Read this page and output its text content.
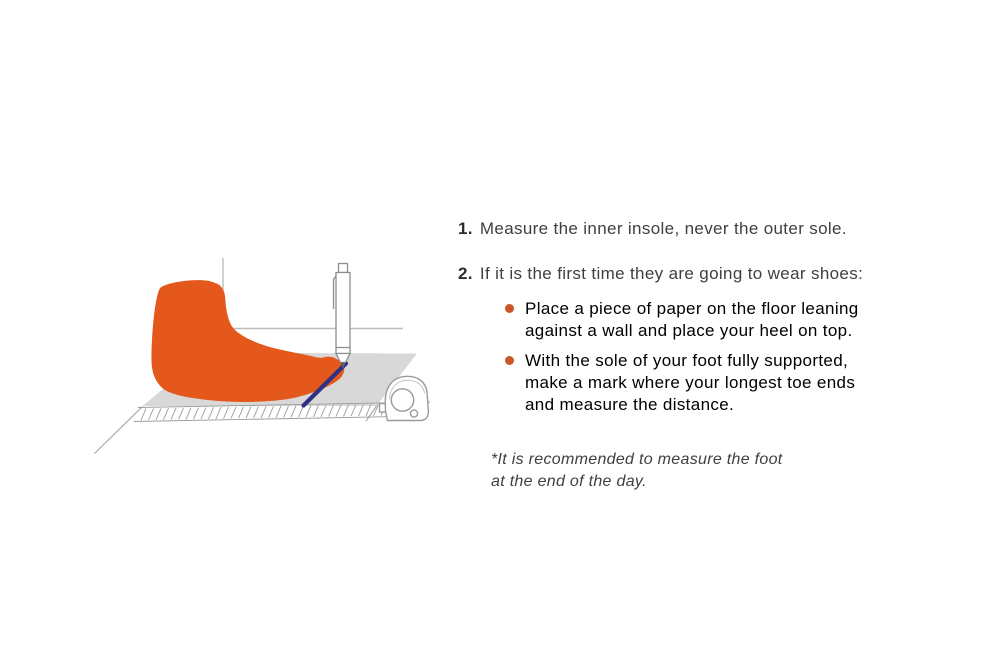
1. Measure the inner insole, never the outer sole.
2. If it is the first time they are going to wear shoes:
Place a piece of paper on the floor leaning
against a wall and place your heel on top.
With the sole of your foot fully supported,
make a mark where your longest toe ends
and measure the distance.
*It is recommended to measure the foot
at the end of the day.
